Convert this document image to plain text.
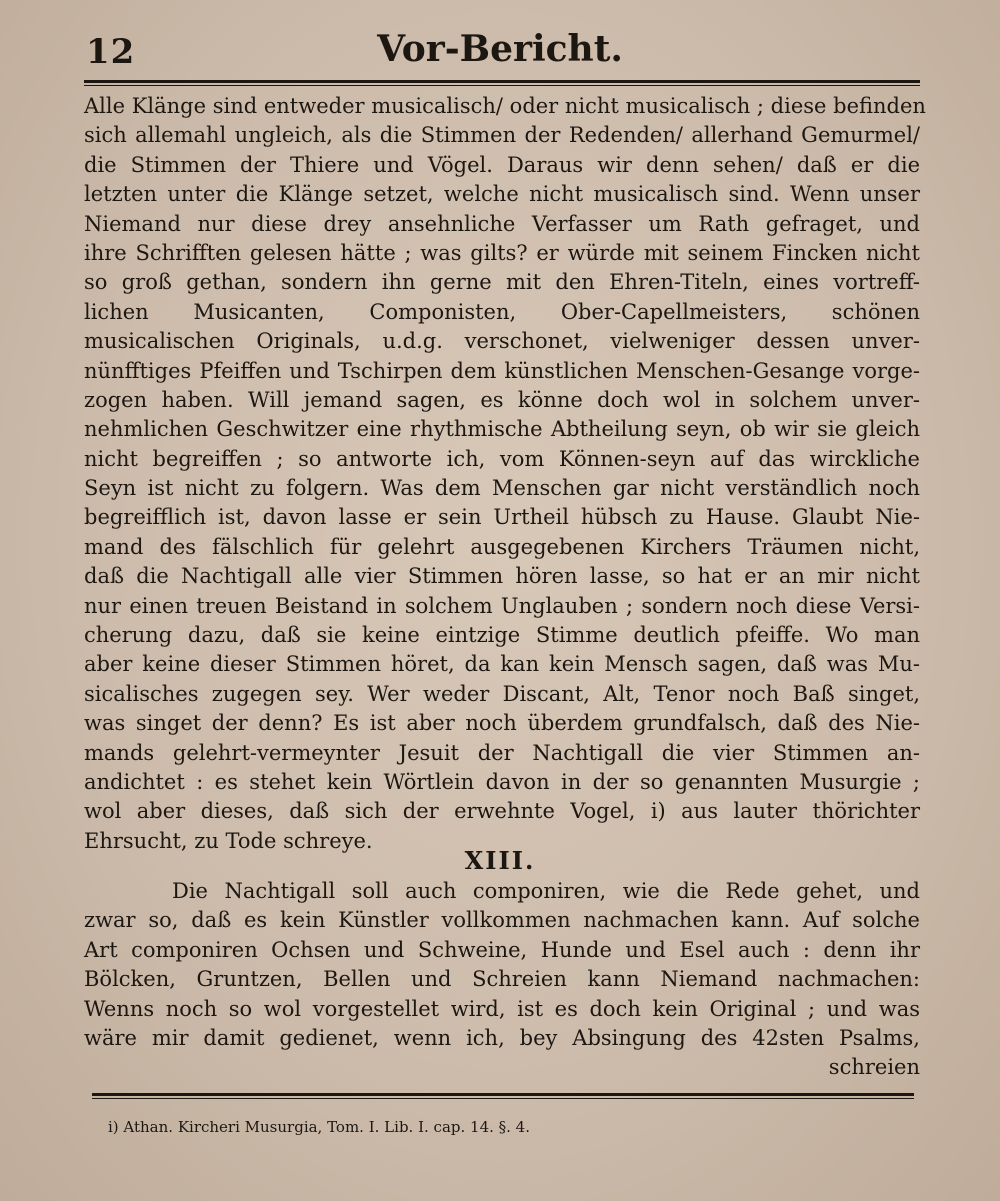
12	Vor-Bericht.
Alle Klänge sind entweder musicalisch/ oder nicht musicalisch ; diese befinden
sich allemahl ungleich, als die Stimmen der Redenden/ allerhand Gemurmel/
die Stimmen der Thiere und Vögel. Daraus wir denn sehen/ daß er die
letzten unter die Klänge setzet, welche nicht musicalisch sind. Wenn unser
Niemand nur diese drey ansehnliche Verfasser um Rath gefraget, und
ihre Schrifften gelesen hätte ; was gilts? er würde mit seinem Fincken nicht
so groß gethan, sondern ihn gerne mit den Ehren-Titeln, eines vortreff-
lichen Musicanten, Componisten, Ober-Capellmeisters, schönen
musicalischen Originals, u.d.g. verschonet, vielweniger dessen unver-
nünfftiges Pfeiffen und Tschirpen dem künstlichen Menschen-Gesange vorge-
zogen haben. Will jemand sagen, es könne doch wol in solchem unver-
nehmlichen Geschwitzer eine rhythmische Abtheilung seyn, ob wir sie gleich
nicht begreiffen ; so antworte ich, vom Können-seyn auf das wirckliche
Seyn ist nicht zu folgern. Was dem Menschen gar nicht verständlich noch
begreifflich ist, davon lasse er sein Urtheil hübsch zu Hause. Glaubt Nie-
mand des fälschlich für gelehrt ausgegebenen Kirchers Träumen nicht,
daß die Nachtigall alle vier Stimmen hören lasse, so hat er an mir nicht
nur einen treuen Beistand in solchem Unglauben ; sondern noch diese Versi-
cherung dazu, daß sie keine eintzige Stimme deutlich pfeiffe. Wo man
aber keine dieser Stimmen höret, da kan kein Mensch sagen, daß was Mu-
sicalisches zugegen sey. Wer weder Discant, Alt, Tenor noch Baß singet,
was singet der denn? Es ist aber noch überdem grundfalsch, daß des Nie-
mands gelehrt-vermeynter Jesuit der Nachtigall die vier Stimmen an-
andichtet : es stehet kein Wörtlein davon in der so genannten Musurgie ;
wol aber dieses, daß sich der erwehnte Vogel, i) aus lauter thörichter
Ehrsucht, zu Tode schreye.
XIII.
Die Nachtigall soll auch componiren, wie die Rede gehet, und
zwar so, daß es kein Künstler vollkommen nachmachen kann. Auf solche
Art componiren Ochsen und Schweine, Hunde und Esel auch : denn ihr
Bölcken, Gruntzen, Bellen und Schreien kann Niemand nachmachen:
Wenns noch so wol vorgestellet wird, ist es doch kein Original ; und was
wäre mir damit gedienet, wenn ich, bey Absingung des 42sten Psalms,
schreien
i) Athan. Kircheri Musurgia, Tom. I. Lib. I. cap. 14. §. 4.
